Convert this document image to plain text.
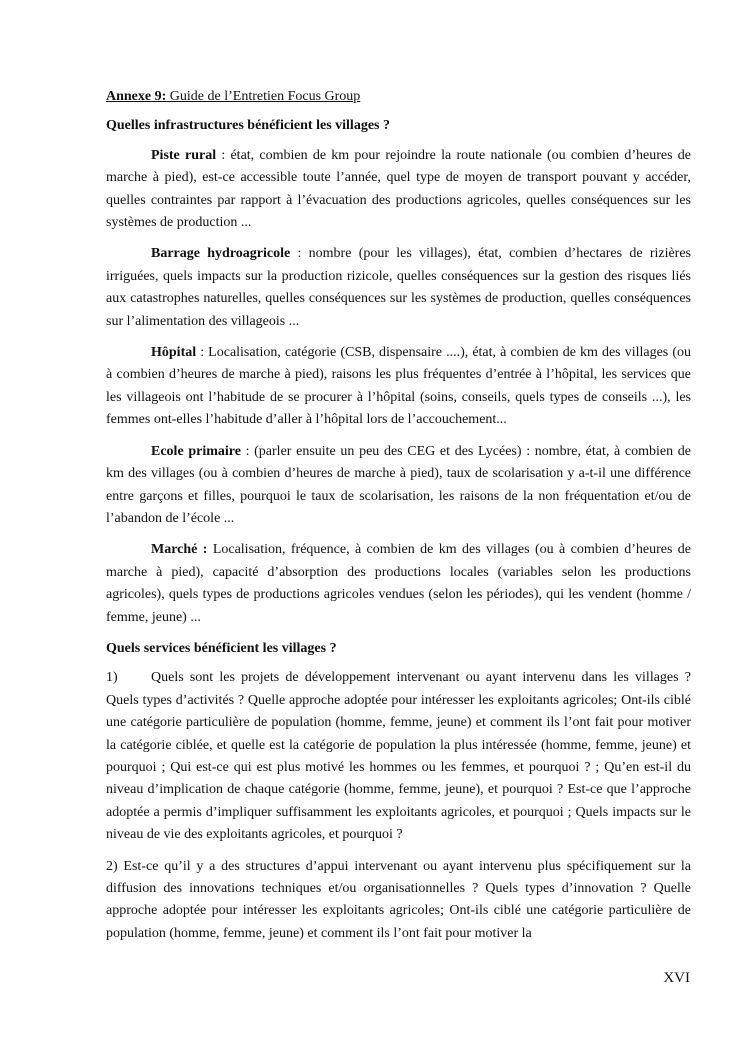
Annexe 9: Guide de l’Entretien Focus Group

Quelles infrastructures bénéficient les villages ?

Piste rural : état, combien de km pour rejoindre la route nationale (ou combien d’heures de marche à pied), est-ce accessible toute l’année, quel type de moyen de transport pouvant y accéder, quelles contraintes par rapport à l’évacuation des productions agricoles, quelles conséquences sur les systèmes de production ...

Barrage hydroagricole : nombre (pour les villages), état, combien d’hectares de rizières irriguées, quels impacts sur la production rizicole, quelles conséquences sur la gestion des risques liés aux catastrophes naturelles, quelles conséquences sur les systèmes de production, quelles conséquences sur l’alimentation des villageois ...

Hôpital : Localisation, catégorie (CSB, dispensaire ....), état, à combien de km des villages (ou à combien d’heures de marche à pied), raisons les plus fréquentes d’entrée à l’hôpital, les services que les villageois ont l’habitude de se procurer à l’hôpital (soins, conseils, quels types de conseils ...), les femmes ont-elles l’habitude d’aller à l’hôpital lors de l’accouchement...

Ecole primaire : (parler ensuite un peu des CEG et des Lycées) : nombre, état, à combien de km des villages (ou à combien d’heures de marche à pied), taux de scolarisation y a-t-il une différence entre garçons et filles, pourquoi le taux de scolarisation, les raisons de la non fréquentation et/ou de l’abandon de l’école ...

Marché : Localisation, fréquence, à combien de km des villages (ou à combien d’heures de marche à pied), capacité d’absorption des productions locales (variables selon les productions agricoles), quels types de productions agricoles vendues (selon les périodes), qui les vendent (homme / femme, jeune) ...

Quels services bénéficient les villages ?

1) Quels sont les projets de développement intervenant ou ayant intervenu dans les villages ? Quels types d’activités ? Quelle approche adoptée pour intéresser les exploitants agricoles; Ont-ils ciblé une catégorie particulière de population (homme, femme, jeune) et comment ils l’ont fait pour motiver la catégorie ciblée, et quelle est la catégorie de population la plus intéressée (homme, femme, jeune) et pourquoi ; Qui est-ce qui est plus motivé les hommes ou les femmes, et pourquoi ? ; Qu’en est-il du niveau d’implication de chaque catégorie (homme, femme, jeune), et pourquoi ? Est-ce que l’approche adoptée a permis d’impliquer suffisamment les exploitants agricoles, et pourquoi ; Quels impacts sur le niveau de vie des exploitants agricoles, et pourquoi ?

2) Est-ce qu’il y a des structures d’appui intervenant ou ayant intervenu plus spécifiquement sur la diffusion des innovations techniques et/ou organisationnelles ? Quels types d’innovation ? Quelle approche adoptée pour intéresser les exploitants agricoles; Ont-ils ciblé une catégorie particulière de population (homme, femme, jeune) et comment ils l’ont fait pour motiver la

XVI
